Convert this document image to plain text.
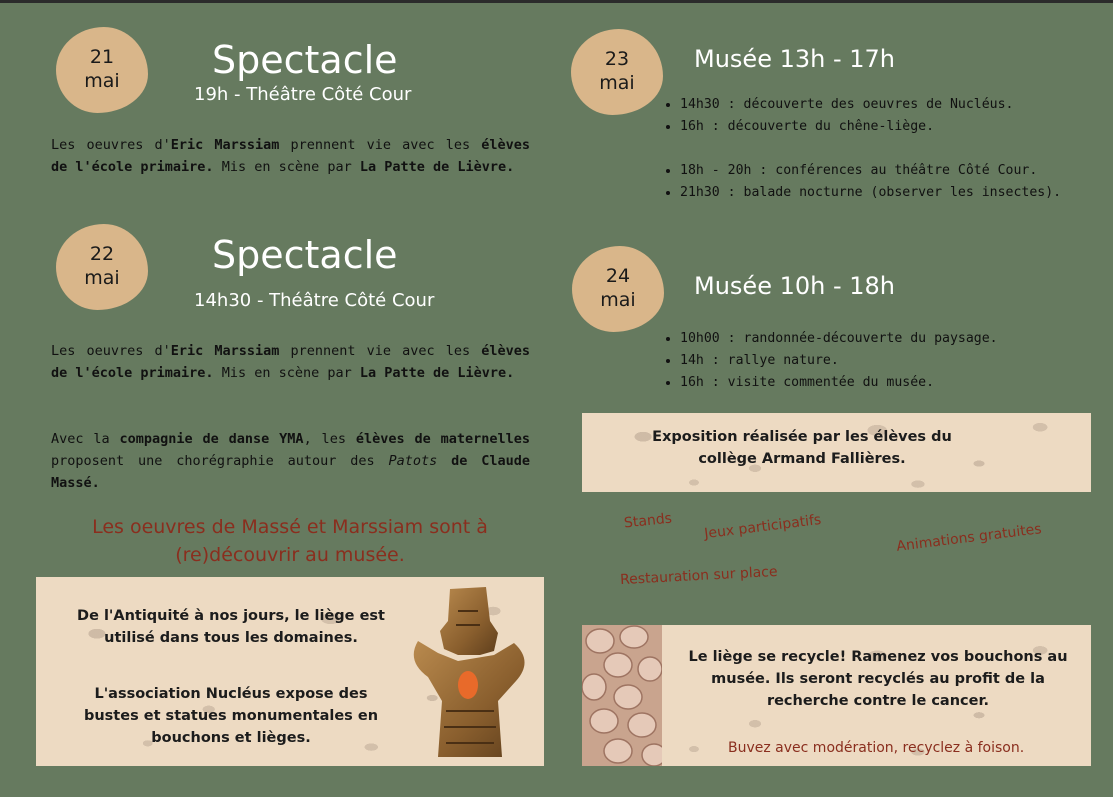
21
mai Spectacle
19h - Théâtre Côté Cour

Les oeuvres d'Eric Marssiam prennent vie avec les élèves de l'école primaire. Mis en scène par La Patte de Lièvre.

22
mai
Spectacle
14h30 - Théâtre Côté Cour

Les oeuvres d'Eric Marssiam prennent vie avec les élèves de l'école primaire. Mis en scène par La Patte de Lièvre.

Avec la compagnie de danse YMA, les élèves de maternelles proposent une chorégraphie autour des Patots de Claude Massé.

Les oeuvres de Massé et Marssiam sont à
(re)découvrir au musée.
De l'Antiquité à nos jours, le liège est
utilisé dans tous les domaines.
L'association Nucléus expose des
bustes et statues monumentales en
bouchons et lièges.
23
mai
Musée 13h - 17h
• 14h30 : découverte des oeuvres de Nucléus.
• 16h : découverte du chêne-liège.
• 18h - 20h : conférences au théâtre Côté Cour.
• 21h30 : balade nocturne (observer les insectes).
24
mai Musée 10h - 18h
• 10h00 : randonnée-découverte du paysage.
• 14h : rallye nature.
• 16h : visite commentée du musée.
Exposition réalisée par les élèves du
collège Armand Fallières.
Stands Jeux participatifs	Animations gratuites
Restauration sur place
Le liège se recycle! Ramenez vos bouchons au
musée. Ils seront recyclés au profit de la
recherche contre le cancer.
Buvez avec modération, recyclez à foison.
